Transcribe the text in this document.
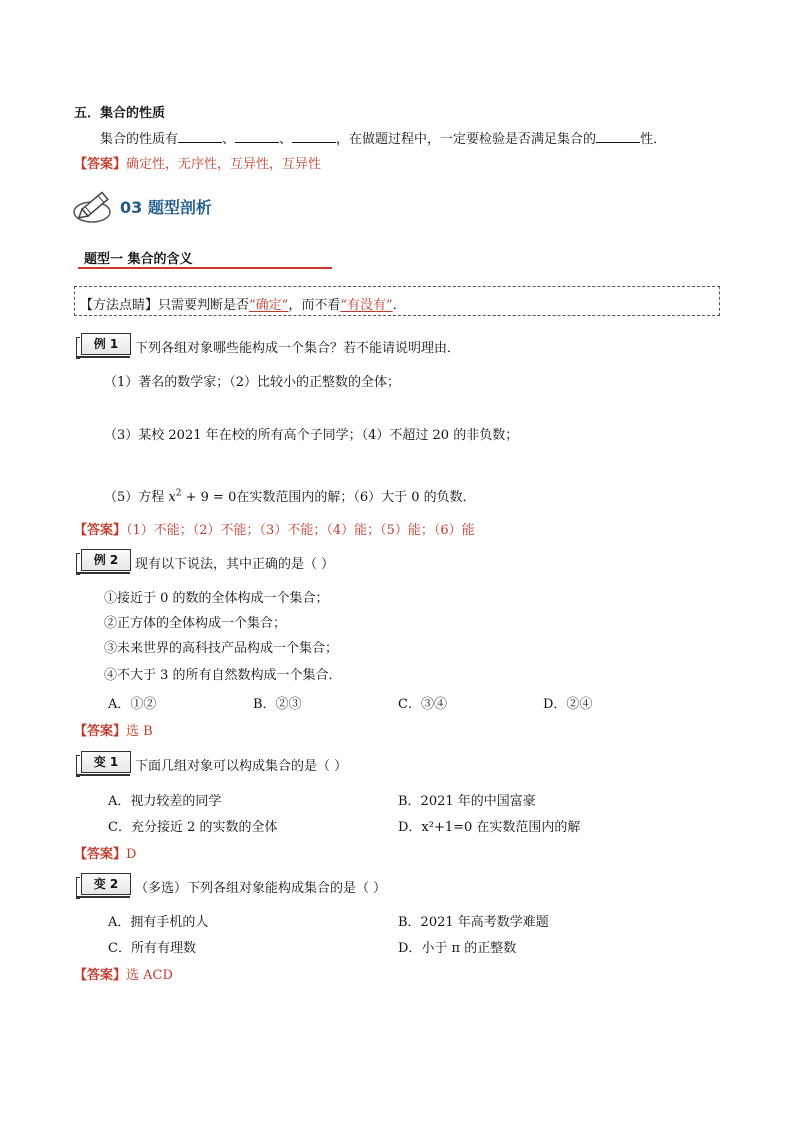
五．集合的性质
集合的性质有	、	、	，在做题过程中，一定要检验是否满足集合的	性．
【答案】确定性，无序性，互异性，互异性
03 题型剖析
题型一 集合的含义
【方法点睛】只需要判断是否“确定”，而不看“有没有”．
例 1	下列各组对象哪些能构成一个集合？若不能请说明理由．
（1）著名的数学家；（2）比较小的正整数的全体；
（3）某校 2021 年在校的所有高个子同学；（4）不超过 20 的非负数；
（5）方程 $x^2 + 9 = 0$在实数范围内的解；（6）大于 0 的负数．
【答案】（1）不能；（2）不能；（3）不能；（4）能；（5）能；（6）能
例 2	现有以下说法，其中正确的是（ ）
①接近于 0 的数的全体构成一个集合；
②正方体的全体构成一个集合；
③未来世界的高科技产品构成一个集合；
④不大于 3 的所有自然数构成一个集合．
A．①②	B．②③	C．③④	D．②④
【答案】选 B
变 1	下面几组对象可以构成集合的是（ ）
A．视力较差的同学	B．2021 年的中国富豪
C．充分接近 2 的实数的全体	D．x²+1=0 在实数范围内的解
【答案】D
变 2	（多选）下列各组对象能构成集合的是（ ）
A．拥有手机的人	B．2021 年高考数学难题
C．所有有理数	D．小于 π 的正整数
【答案】选 ACD
